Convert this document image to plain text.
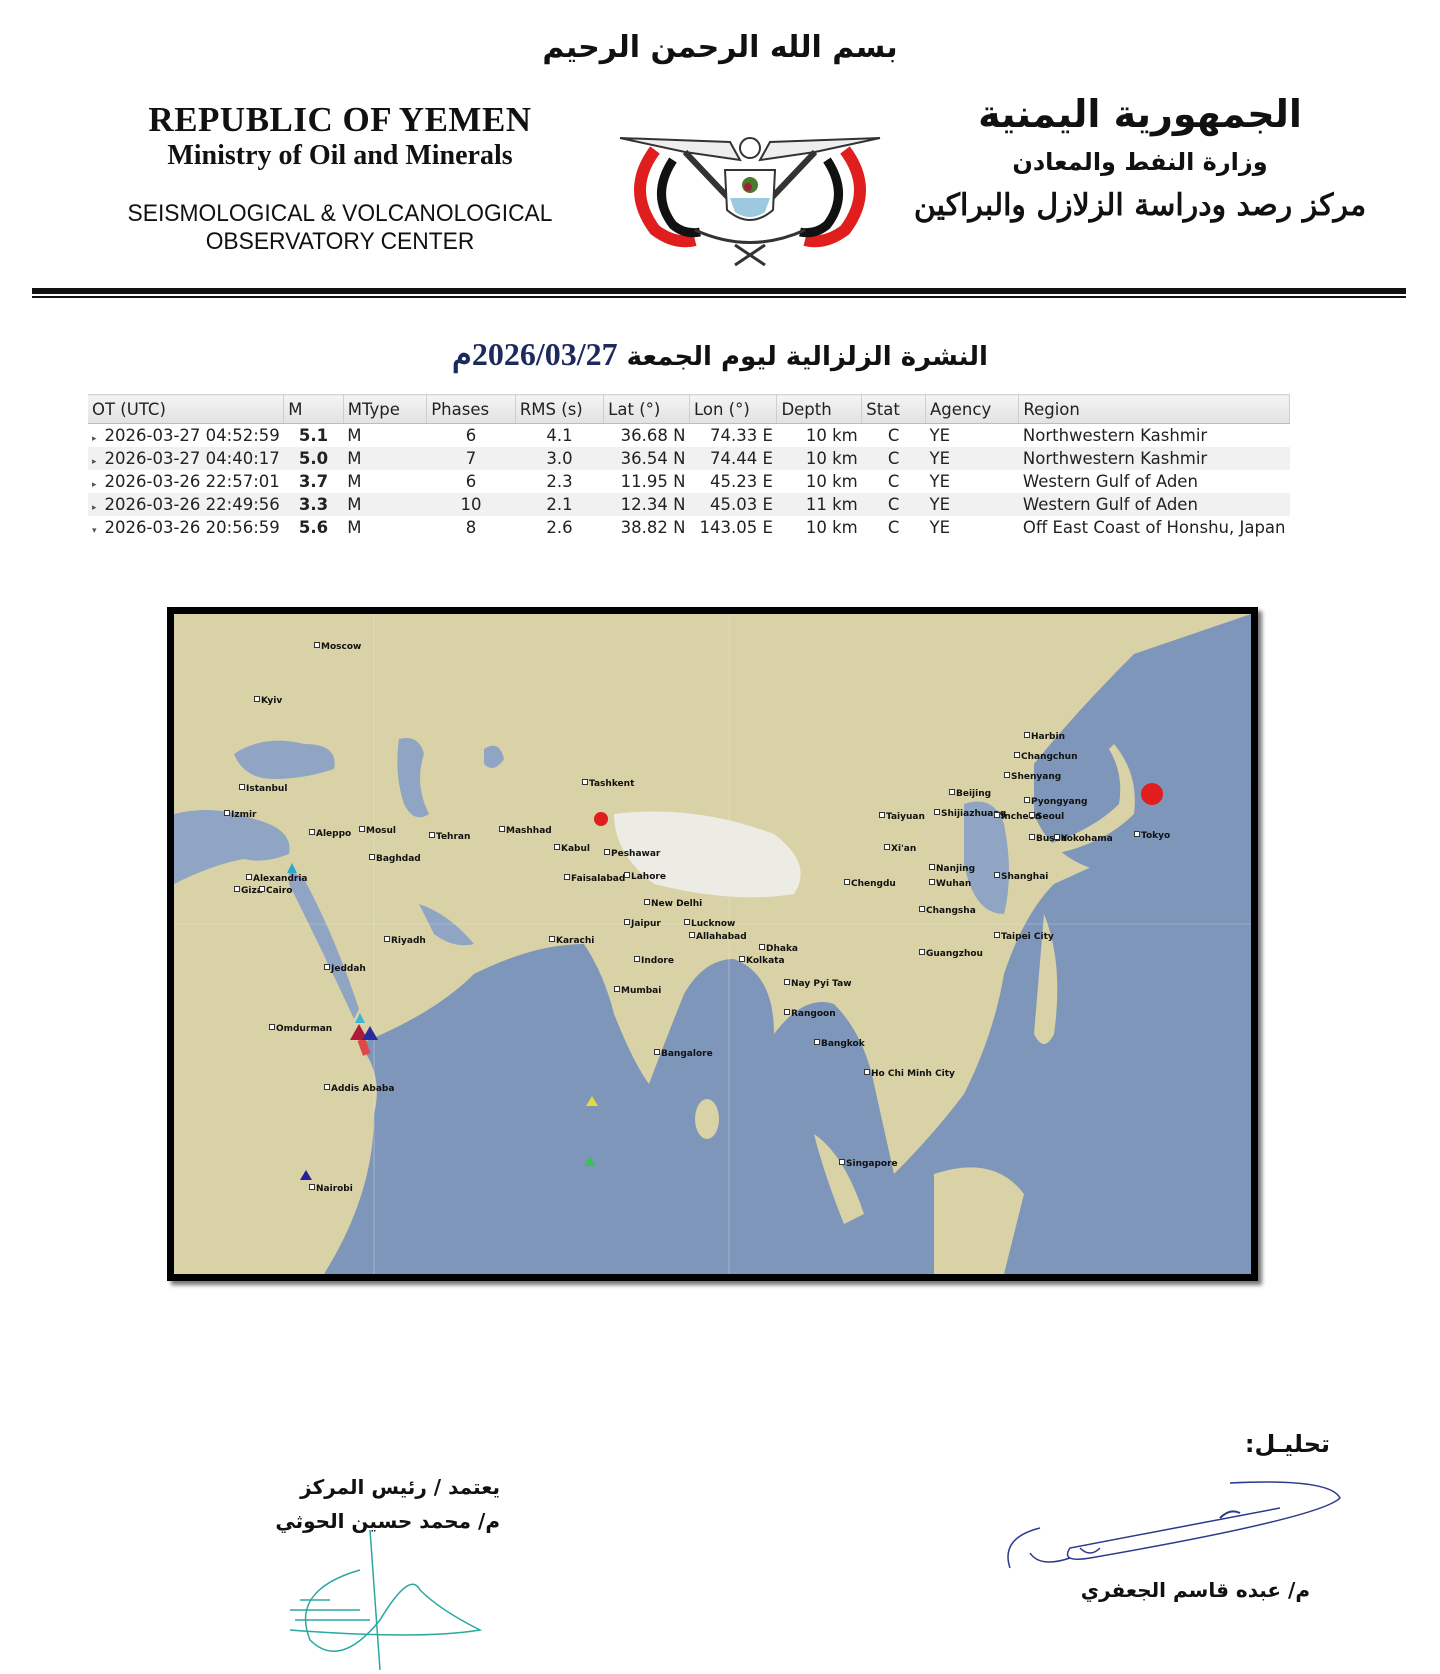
بسم الله الرحمن الرحيم
REPUBLIC OF YEMEN
Ministry of Oil and Minerals
SEISMOLOGICAL & VOLCANOLOGICAL
OBSERVATORY CENTER
الجمهورية اليمنية
وزارة النفط والمعادن
مركز رصد ودراسة الزلازل والبراكين
النشرة الزلزالية ليوم الجمعة 2026/03/27م
OT (UTC)	M	MType	Phases	RMS (s)	Lat (°)	Lon (°)	Depth	Stat	Agency	Region
▸ 2026-03-27 04:52:59	5.1	M	6	4.1	36.68 N	74.33 E	10 km	C	YE	Northwestern Kashmir
▸ 2026-03-27 04:40:17	5.0	M	7	3.0	36.54 N	74.44 E	10 km	C	YE	Northwestern Kashmir
▸ 2026-03-26 22:57:01	3.7	M	6	2.3	11.95 N	45.23 E	10 km	C	YE	Western Gulf of Aden
▸ 2026-03-26 22:49:56	3.3	M	10	2.1	12.34 N	45.03 E	11 km	C	YE	Western Gulf of Aden
▾ 2026-03-26 20:56:59	5.6	M	8	2.6	38.82 N	143.05 E	10 km	C	YE	Off East Coast of Honshu, Japan
Moscow
Kyiv
Istanbul
Izmir
Aleppo	Mosul
Baghdad
Tehran
Mashhad
Tashkent
Kabul	Peshawar
Faisalabad Lahore
New Delhi
Jaipur	Lucknow
Allahabad
Karachi
Indore
Mumbai
Bangalore
Dhaka
Kolkata
Alexandria
Giza Cairo
Riyadh
Jeddah
Omdurman
Addis Ababa
Nairobi
Chengdu
Nanjing
Wuhan
Shanghai
Changsha
Guangzhou
Taipei City
Nay Pyi Taw
Rangoon
Bangkok
Ho Chi Minh City
Singapore
Xi'an
Taiyuan	Shijiazhuang
Beijing
Shenyang
Changchun
Harbin
Pyongyang
Incheon
Seoul
Busan
Yokohama	Tokyo
يعتمد / رئيس المركز
م/ محمد حسين الحوثي
تحليـل:
م/ عبده قاسم الجعفري
